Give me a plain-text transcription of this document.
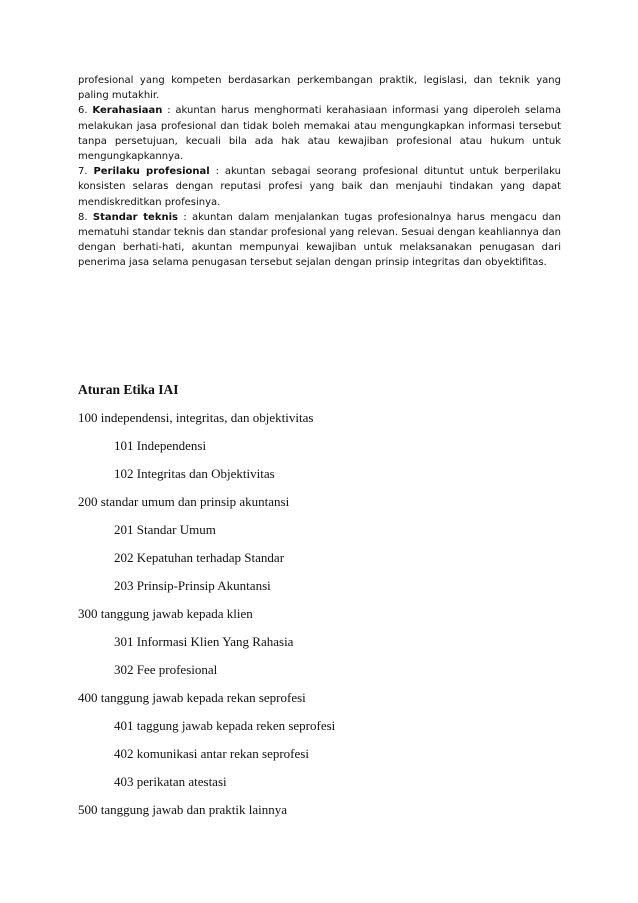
profesional yang kompeten berdasarkan perkembangan praktik, legislasi, dan teknik yang paling mutakhir.

6. Kerahasiaan : akuntan harus menghormati kerahasiaan informasi yang diperoleh selama melakukan jasa profesional dan tidak boleh memakai atau mengungkapkan informasi tersebut tanpa persetujuan, kecuali bila ada hak atau kewajiban profesional atau hukum untuk mengungkapkannya.

7. Perilaku profesional : akuntan sebagai seorang profesional dituntut untuk berperilaku konsisten selaras dengan reputasi profesi yang baik dan menjauhi tindakan yang dapat mendiskreditkan profesinya.

8. Standar teknis : akuntan dalam menjalankan tugas profesionalnya harus mengacu dan mematuhi standar teknis dan standar profesional yang relevan. Sesuai dengan keahliannya dan dengan berhati-hati, akuntan mempunyai kewajiban untuk melaksanakan penugasan dari penerima jasa selama penugasan tersebut sejalan dengan prinsip integritas dan obyektifitas.

Aturan Etika IAI
100 independensi, integritas, dan objektivitas
101 Independensi
102 Integritas dan Objektivitas
200 standar umum dan prinsip akuntansi
201 Standar Umum
202 Kepatuhan terhadap Standar
203 Prinsip-Prinsip Akuntansi
300 tanggung jawab kepada klien
301 Informasi Klien Yang Rahasia
302 Fee profesional
400 tanggung jawab kepada rekan seprofesi
401 taggung jawab kepada reken seprofesi
402 komunikasi antar rekan seprofesi
403 perikatan atestasi
500 tanggung jawab dan praktik lainnya
